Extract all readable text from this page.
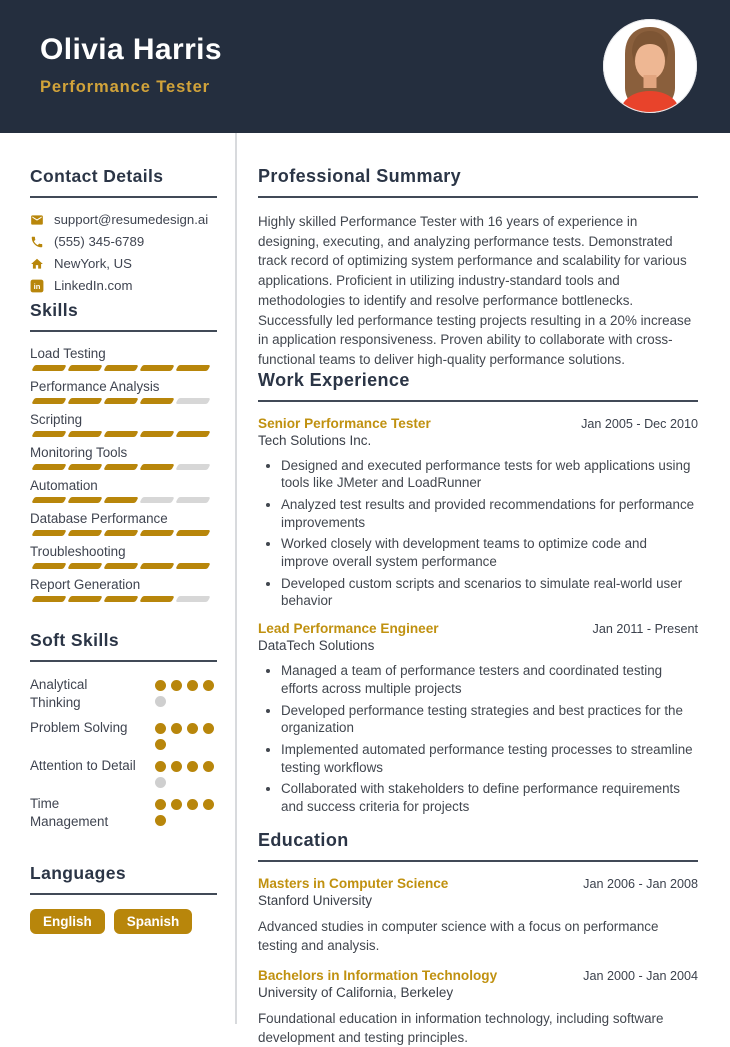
Olivia Harris
Performance Tester
Contact Details
support@resumedesign.ai
(555) 345-6789
NewYork, US
in LinkedIn.com
Skills
Load Testing
Performance Analysis
Scripting
Monitoring Tools
Automation
Database Performance
Troubleshooting
Report Generation
Soft Skills
Analytical Thinking
Problem Solving
Attention to Detail
Time Management
Languages
English	Spanish
Professional Summary

Highly skilled Performance Tester with 16 years of experience in designing, executing, and analyzing performance tests. Demonstrated track record of optimizing system performance and scalability for various applications. Proficient in utilizing industry-standard tools and methodologies to identify and resolve performance bottlenecks. Successfully led performance testing projects resulting in a 20% increase in application responsiveness. Proven ability to collaborate with cross-functional teams to deliver high-quality performance solutions.

Work Experience
Senior Performance Tester	Jan 2005 - Dec 2010
Tech Solutions Inc.
• Designed and executed performance tests for web applications using tools like JMeter and LoadRunner
• Analyzed test results and provided recommendations for performance improvements
• Worked closely with development teams to optimize code and improve overall system performance
• Developed custom scripts and scenarios to simulate real-world user behavior
Lead Performance Engineer	Jan 2011 - Present
DataTech Solutions
• Managed a team of performance testers and coordinated testing efforts across multiple projects
• Developed performance testing strategies and best practices for the organization
• Implemented automated performance testing processes to streamline testing workflows
• Collaborated with stakeholders to define performance requirements and success criteria for projects
Education
Masters in Computer Science	Jan 2006 - Jan 2008
Stanford University

Advanced studies in computer science with a focus on performance testing and analysis.

Bachelors in Information Technology	Jan 2000 - Jan 2004
University of California, Berkeley

Foundational education in information technology, including software development and testing principles.
